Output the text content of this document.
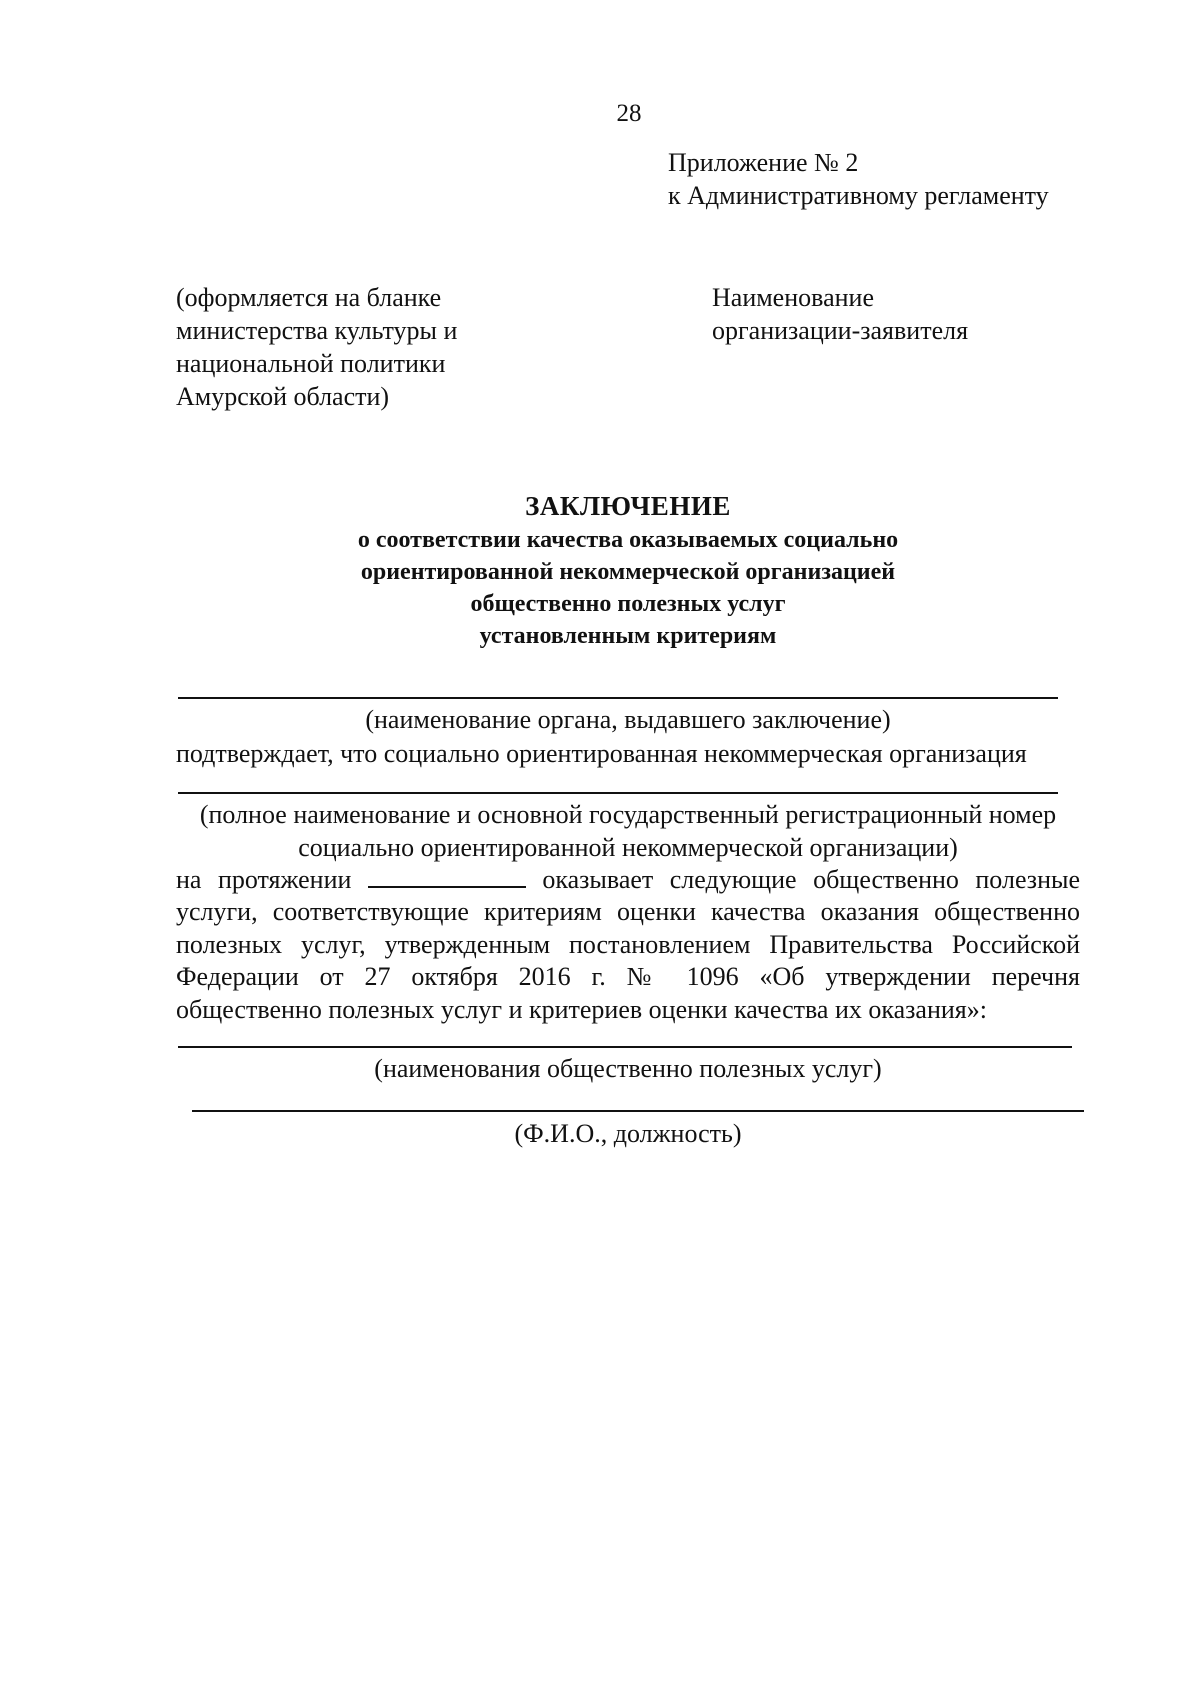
28
Приложение № 2
к Административному регламенту
(оформляется на бланке
министерства культуры и
национальной политики
Амурской области)
Наименование
организации-заявителя
ЗАКЛЮЧЕНИЕ
о соответствии качества оказываемых социально
ориентированной некоммерческой организацией
общественно полезных услуг
установленным критериям
(наименование органа, выдавшего заключение)
подтверждает, что социально ориентированная некоммерческая организация
(полное наименование и основной государственный регистрационный номер
социально ориентированной некоммерческой организации)
на протяжении	оказывает следующие общественно полезные
услуги, соответствующие критериям оценки качества оказания общественно
полезных услуг, утвержденным постановлением Правительства Российской
Федерации от 27 октября 2016 г. № 1096 «Об утверждении перечня
общественно полезных услуг и критериев оценки качества их оказания»:
(наименования общественно полезных услуг)
(Ф.И.О., должность)
